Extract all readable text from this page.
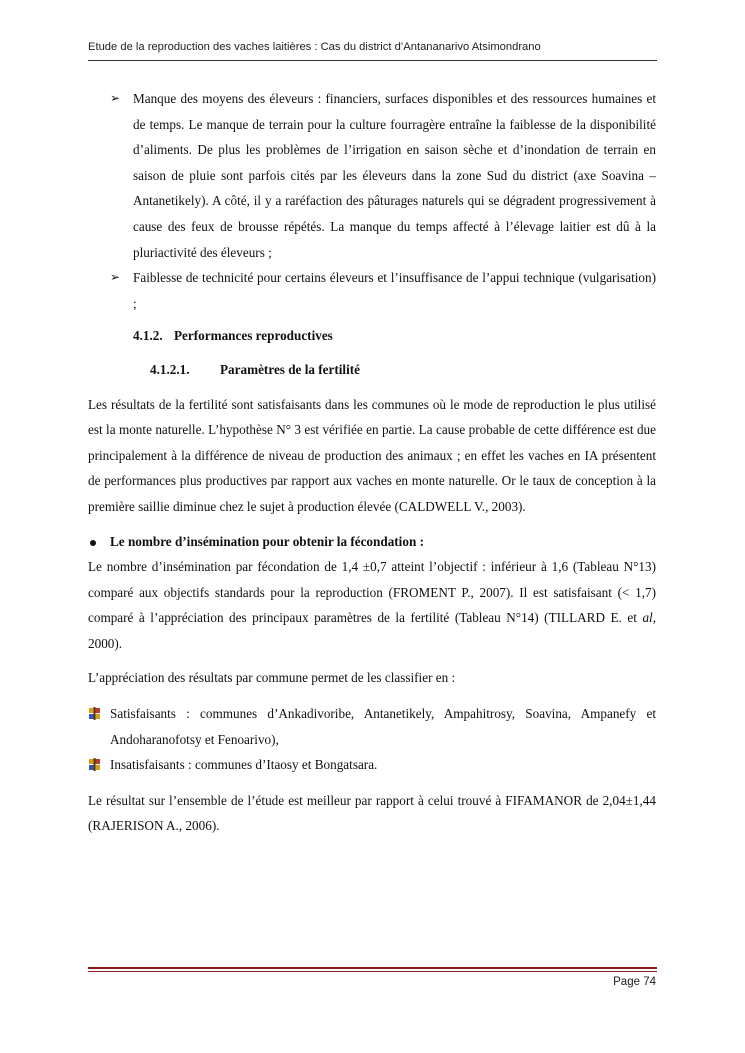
Etude de la reproduction des vaches laitières : Cas du district d’Antananarivo Atsimondrano

➢ Manque des moyens des éleveurs : financiers, surfaces disponibles et des ressources humaines et de temps. Le manque de terrain pour la culture fourragère entraîne la faiblesse de la disponibilité d’aliments. De plus les problèmes de l’irrigation en saison sèche et d’inondation de terrain en saison de pluie sont parfois cités par les éleveurs dans la zone Sud du district (axe Soavina – Antanetikely). A côté, il y a raréfaction des pâturages naturels qui se dégradent progressivement à cause des feux de brousse répétés. La manque du temps affecté à l’élevage laitier est dû à la pluriactivité des éleveurs ;

➢ Faiblesse de technicité pour certains éleveurs et l’insuffisance de l’appui technique (vulgarisation) ;

4.1.2. Performances reproductives

4.1.2.1. Paramètres de la fertilité

Les résultats de la fertilité sont satisfaisants dans les communes où le mode de reproduction le plus utilisé est la monte naturelle. L’hypothèse N° 3 est vérifiée en partie. La cause probable de cette différence est due principalement à la différence de niveau de production des animaux ; en effet les vaches en IA présentent de performances plus productives par rapport aux vaches en monte naturelle. Or le taux de conception à la première saillie diminue chez le sujet à production élevée (CALDWELL V., 2003).

Le nombre d’insémination pour obtenir la fécondation :

Le nombre d’insémination par fécondation de 1,4 ±0,7 atteint l’objectif : inférieur à 1,6 (Tableau N°13) comparé aux objectifs standards pour la reproduction (FROMENT P., 2007). Il est satisfaisant (< 1,7) comparé à l’appréciation des principaux paramètres de la fertilité (Tableau N°14) (TILLARD E. et al, 2000).

L’appréciation des résultats par commune permet de les classifier en :

Satisfaisants : communes d’Ankadivoribe, Antanetikely, Ampahitrosy, Soavina, Ampanefy et Andoharanofotsy et Fenoarivo),

Insatisfaisants : communes d’Itaosy et Bongatsara.

Le résultat sur l’ensemble de l’étude est meilleur par rapport à celui trouvé à FIFAMANOR de 2,04±1,44 (RAJERISON A., 2006).

Page 74
